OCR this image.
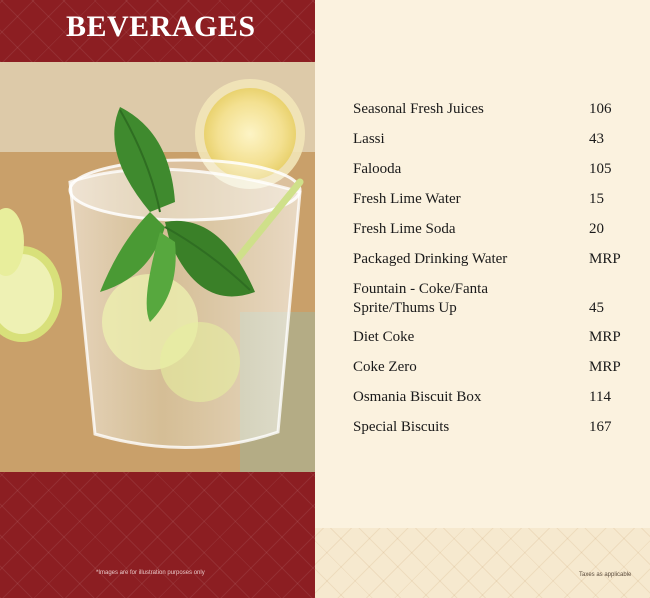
BEVERAGES
*Images are for illustration purposes only
Seasonal Fresh Juices	106
Lassi	43
Falooda	105
Fresh Lime Water	15
Fresh Lime Soda	20
Packaged Drinking Water	MRP
Fountain - Coke/Fanta
Sprite/Thums Up	45
Diet Coke	MRP
Coke Zero	MRP
Osmania Biscuit Box	114
Special Biscuits	167
Taxes as applicable
